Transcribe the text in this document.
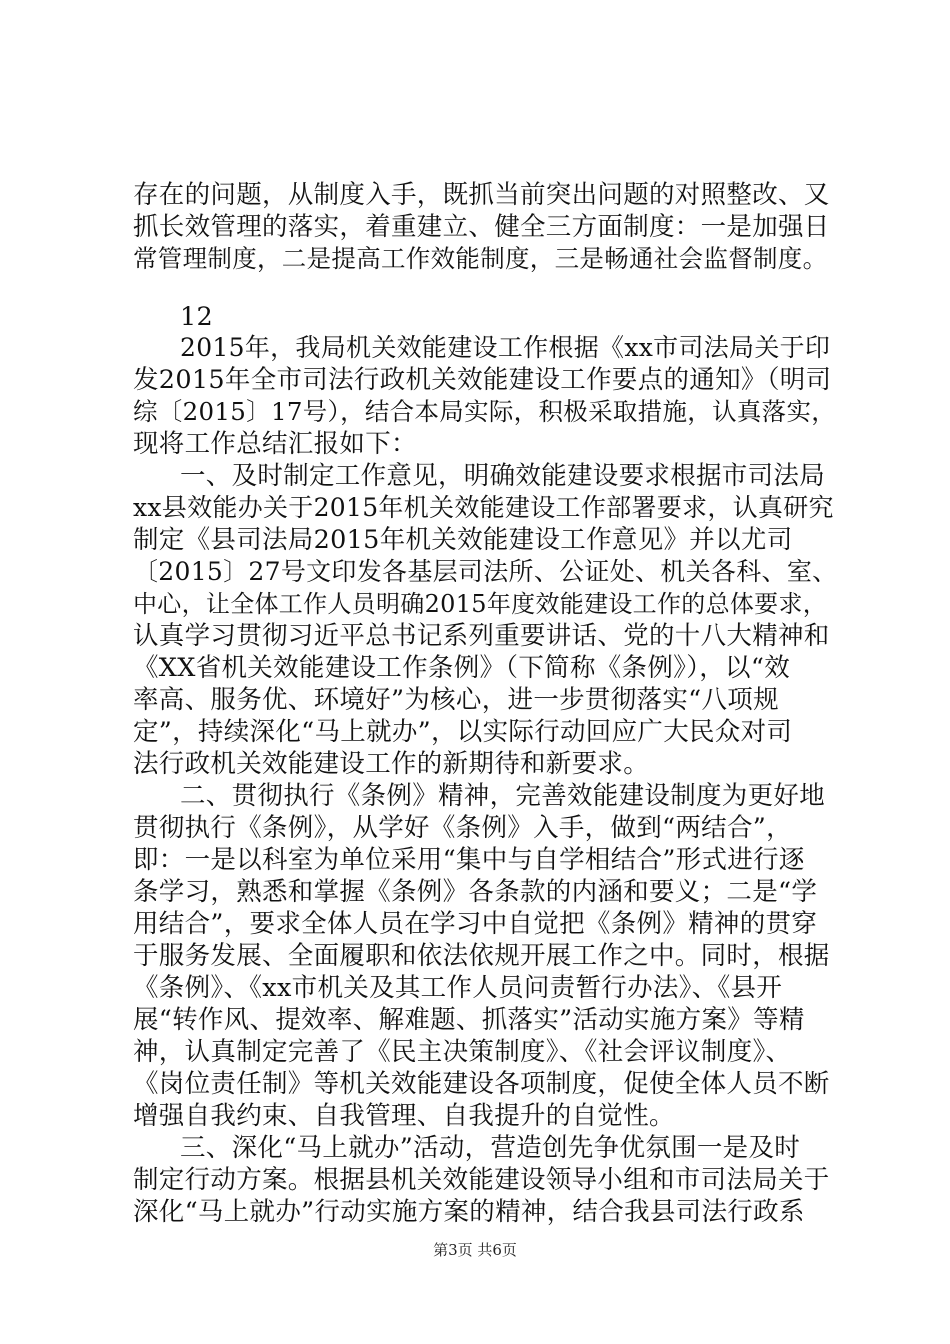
存在的问题，从制度入手，既抓当前突出问题的对照整改、又
抓长效管理的落实，着重建立、健全三方面制度：一是加强日
常管理制度，二是提高工作效能制度，三是畅通社会监督制度。
12
2015年，我局机关效能建设工作根据《xx市司法局关于印
发2015年全市司法行政机关效能建设工作要点的通知》（明司
综〔2015〕17号），结合本局实际，积极采取措施，认真落实，
现将工作总结汇报如下：
一、及时制定工作意见，明确效能建设要求根据市司法局
xx县效能办关于2015年机关效能建设工作部署要求，认真研究
制定《县司法局2015年机关效能建设工作意见》并以尤司
〔2015〕27号文印发各基层司法所、公证处、机关各科、室、
中心，让全体工作人员明确2015年度效能建设工作的总体要求，
认真学习贯彻习近平总书记系列重要讲话、党的十八大精神和
《XX省机关效能建设工作条例》（下简称《条例》），以“效
率高、服务优、环境好”为核心，进一步贯彻落实“八项规
定”，持续深化“马上就办”，以实际行动回应广大民众对司
法行政机关效能建设工作的新期待和新要求。
二、贯彻执行《条例》精神，完善效能建设制度为更好地
贯彻执行《条例》，从学好《条例》入手，做到“两结合”，
即：一是以科室为单位采用“集中与自学相结合”形式进行逐
条学习，熟悉和掌握《条例》各条款的内涵和要义；二是“学
用结合”，要求全体人员在学习中自觉把《条例》精神的贯穿
于服务发展、全面履职和依法依规开展工作之中。同时，根据
《条例》、《xx市机关及其工作人员问责暂行办法》、《县开
展“转作风、提效率、解难题、抓落实”活动实施方案》等精
神，认真制定完善了《民主决策制度》、《社会评议制度》、
《岗位责任制》等机关效能建设各项制度，促使全体人员不断
增强自我约束、自我管理、自我提升的自觉性。
三、深化“马上就办”活动，营造创先争优氛围一是及时
制定行动方案。根据县机关效能建设领导小组和市司法局关于
深化“马上就办”行动实施方案的精神，结合我县司法行政系
第3页 共6页
